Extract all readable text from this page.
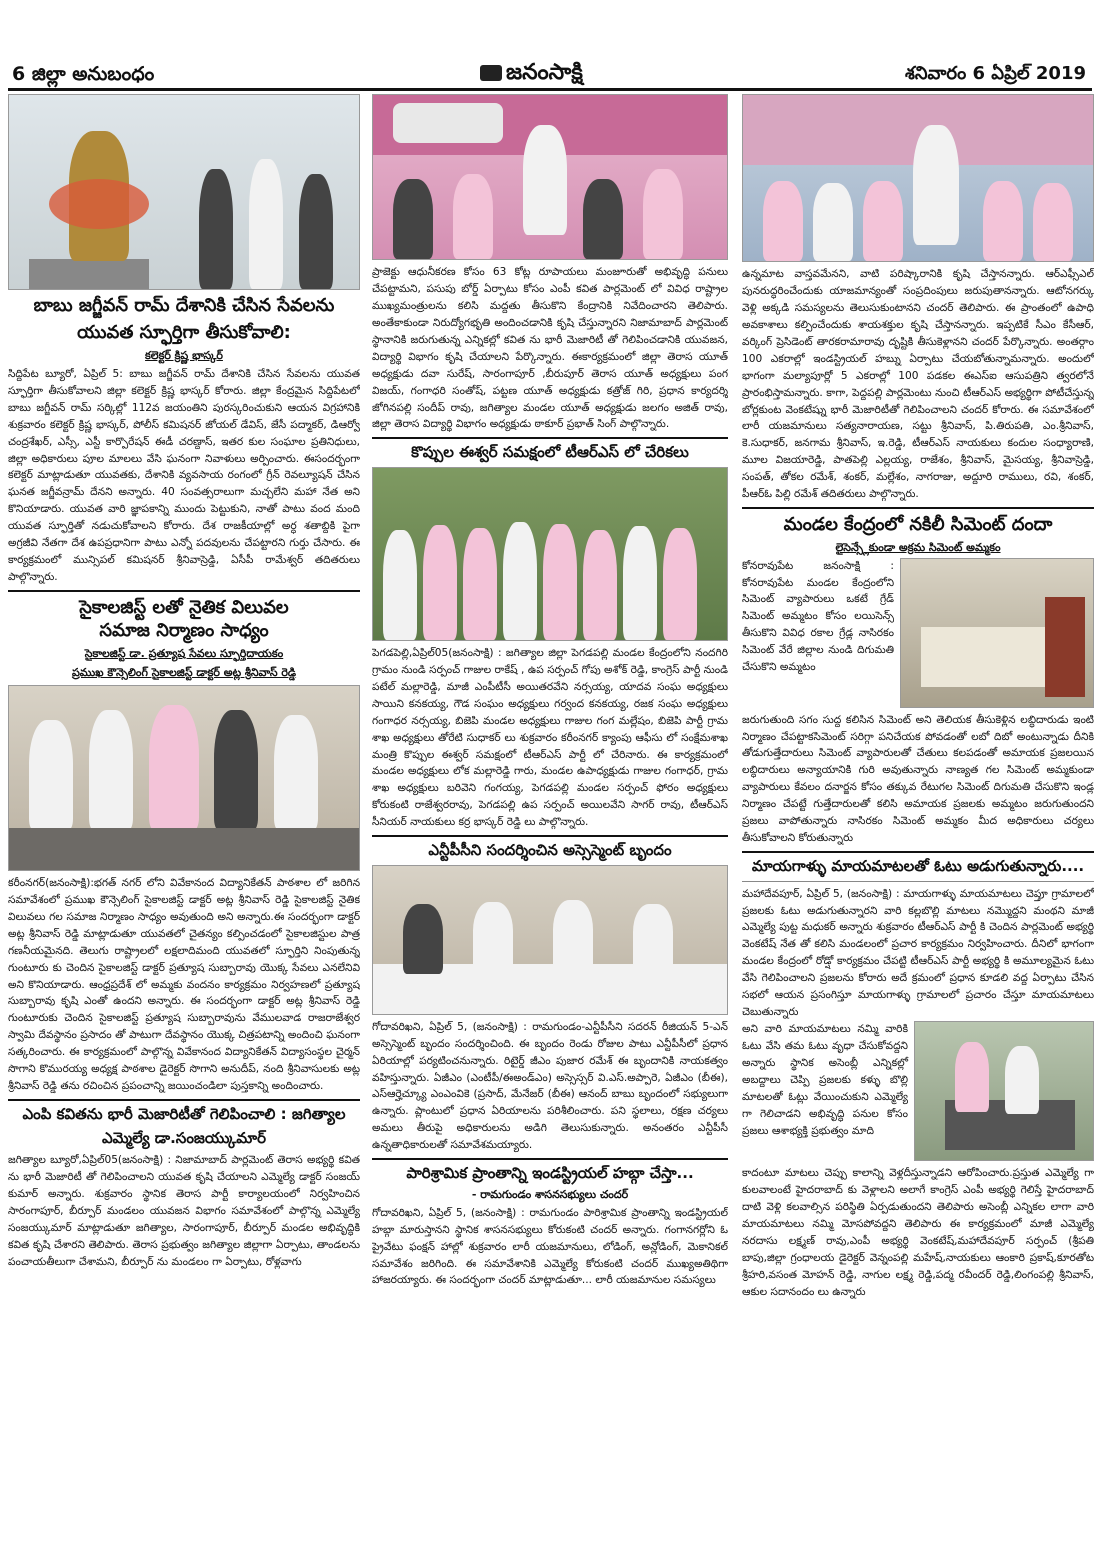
6 జిల్లా అనుబంధం	జనంసాక్షి	శనివారం 6 ఏప్రిల్ 2019
బాబు జగ్జీవన్ రామ్ దేశానికి చేసిన సేవలను
యువత స్ఫూర్తిగా తీసుకోవాలి:
కలెక్టర్ క్రిష్ణ భాస్కర్

సిద్దిపేట బ్యూరో, ఏప్రిల్ 5: బాబు జగ్జీవన్ రామ్ దేశానికి చేసిన సేవలను యువత స్ఫూర్తిగా తీసుకోవాలని జిల్లా కలెక్టర్ క్రిష్ణ భాస్కర్ కోరారు. జిల్లా కేంద్రమైన సిద్దిపేటలో బాబు జగ్జీవన్ రామ్ సర్కిల్లో 112వ జయంతిని పురస్కరించుకుని ఆయన విగ్రహానికి శుక్రవారం కలెక్టర్ క్రిష్ణ భాస్కర్, పోలీస్ కమిషనర్ జోయల్ డేవిస్, జేసీ పద్మాకర్, డిఆర్వో చంద్రశేఖర్, ఎస్సీ, ఎస్టీ కార్పొరేషన్ ఈడీ చరణ్దాస్, ఇతర కుల సంఘాల ప్రతినిధులు, జిల్లా అధికారులు పూల మాలలు వేసి ఘనంగా నివాళులు అర్పించారు. ఈసందర్భంగా కలెక్టర్ మాట్లాడుతూ యువతకు, దేశానికి వ్యవసాయ రంగంలో గ్రీన్ రెవల్యూషన్ చేసిన ఘనత జగ్జీవన్రామ్ దేనని అన్నారు. 40 సంవత్సరాలుగా మచ్చలేని మహా నేత అని కొనియాడారు. యువత వారి జ్ఞాపకాన్ని ముందు పెట్టుకుని, నాతో పాటు వంద మంది యువత స్ఫూర్తితో నడుచుకోవాలని కోరారు. దేశ రాజకీయాల్లో అర్ధ శతాబ్దికి పైగా అగ్రజీవి నేతగా దేశ ఉపప్రధానిగా పాటు ఎన్నో పదవులను చేపట్టారని గుర్తు చేసారు. ఈ కార్యక్రమంలో మున్సిపల్ కమిషనర్ శ్రీనివాస్రెడ్డి, ఏసీపీ రామేశ్వర్ తదితరులు పాల్గొన్నారు.

సైకాలజిస్ట్ లతో నైతిక విలువల
సమాజ నిర్మాణం సాధ్యం
సైకాలజిస్ట్ డా. ప్రత్యూష సేవలు స్ఫూర్తిదాయకం
ప్రముఖ కౌన్సెలింగ్ సైకాలజిస్ట్ డాక్టర్ అట్ల శ్రీనివాస్ రెడ్డి

కరీంనగర్(జనంసాక్షి):భగత్ నగర్ లోని వివేకానంద విద్యానికేతన్ పాఠశాల లో జరిగిన సమావేశంలో ప్రముఖ కౌన్సెలింగ్ సైకాలజిస్ట్ డాక్టర్ అట్ల శ్రీనివాస్ రెడ్డి సైకాలజిస్ట్ నైతిక విలువలు గల సమాజ నిర్మాణం సాధ్యం అవుతుంది అని అన్నారు.ఈ సందర్భంగా డాక్టర్ అట్ల శ్రీనివాస్ రెడ్డి మాట్లాడుతూ యువతలో చైతన్యం కల్పించడంలో సైకాలజిస్టుల పాత్ర గణనీయమైనది. తెలుగు రాష్ట్రాలలో లక్షలాదిమంది యువతలో స్ఫూర్తిని నింపుతున్న గుంటూరు కు చెందిన సైకాలజిస్ట్ డాక్టర్ ప్రత్యూష సుబ్బారావు యొక్క సేవలు ఎనలేనివి అని కొనియాడారు. ఆంధ్రప్రదేశ్ లో అమ్మకు వందనం కార్యక్రమం నిర్వహణలో ప్రత్యూష సుబ్బారావు కృషి ఎంతో ఉందని అన్నారు. ఈ సందర్భంగా డాక్టర్ అట్ల శ్రీనివాస్ రెడ్డి గుంటూరుకు చెందిన సైకాలజిస్ట్ ప్రత్యూష సుబ్బారావును వేములవాడ రాజరాజేశ్వర స్వామి దేవస్థానం ప్రసాదం తో పాటుగా దేవస్థానం యొక్క చిత్రపటాన్ని అందించి ఘనంగా సత్కరించారు. ఈ కార్యక్రమంలో పాల్గొన్న వివేకానంద విద్యానికేతన్ విద్యాసంస్థల చైర్మన్ సొగాని కొమురయ్య అధ్యక్ష పాఠశాల డైరెక్టర్ సొగాని అనుదీప్, నంది శ్రీనివాసులకు అట్ల శ్రీనివాస్ రెడ్డి తను రచించిన ప్రపంచాన్ని జయించండిలా పుస్తకాన్ని అందించారు.

ఎంపి కవితను భారీ మెజారిటీతో గెలిపించాలి : జగిత్యాల
ఎమ్మెల్యే డా.సంజయ్కుమార్

జగిత్యాల బ్యూరో,ఏప్రిల్05(జనంసాక్షి) : నిజామాబాద్ పార్లమెంట్ తెరాస అభ్యర్థి కవిత ను భారీ మెజారిటీ తో గెలిపించాలని యువత కృషి చేయాలని ఎమ్మెల్యే డాక్టర్ సంజయ్ కుమార్ అన్నారు. శుక్రవారం స్థానిక తెరాస పార్టీ కార్యాలయంలో నిర్వహించిన సారంగాపూర్, బీర్పూర్ మండలం యువజన విభాగం సమావేశంలో పాల్గొన్న ఎమ్మెల్యే సంజయ్కుమార్ మాట్లాడుతూ జగిత్యాల, సారంగాపూర్, బీర్పూర్ మండల అభివృద్ధికి కవిత కృషి చేశారని తెలిపారు. తెరాస ప్రభుత్వం జగిత్యాల జిల్లాగా ఏర్పాటు, తాండలను పంచాయతీలుగా చేశామని, బీర్పూర్ ను మండలం గా ఏర్పాటు, రోళ్లవాగు

ప్రాజెక్టు ఆధునీకరణ కోసం 63 కోట్ల రూపాయలు మంజూరుతో అభివృద్ధి పనులు చేపట్టామని, పసుపు బోర్డ్ ఏర్పాటు కోసం ఎంపీ కవిత పార్లమెంట్ లో వివిధ రాష్ట్రాల ముఖ్యమంత్రులను కలిసి మద్దతు తీసుకొని కేంద్రానికి నివేదించారని తెలిపారు. అంతేకాకుండా నిరుద్యోగభృతి అందించడానికి కృషి చేస్తున్నారని నిజామాబాద్ పార్లమెంట్ స్థానానికి జరుగుతున్న ఎన్నికల్లో కవిత ను భారీ మెజారిటీ తో గెలిపించడానికి యువజన, విద్యార్థి విభాగం కృషి చేయాలని పేర్కొన్నారు. ఈకార్యక్రమంలో జిల్లా తెరాస యూత్ అధ్యక్షుడు దవా సురేష్, సారంగాపూర్ ,బీరుపూర్ తెరాస యూత్ అధ్యక్షులు పంగ విజయ్, గంగాధరి సంతోష్, పట్టణ యూత్ అధ్యక్షుడు కత్రోజ్ గిరి, ప్రధాన కార్యదర్శి జోగినపల్లి సందీప్ రావు, జగిత్యాల మండల యూత్ అధ్యక్షుడు జలగం అజిత్ రావు, జిల్లా తెరాస విద్యార్థి విభాగం అధ్యక్షుడు ఠాకూర్ ప్రభాత్ సింగ్ పాల్గొన్నారు.

కొప్పుల ఈశ్వర్ సమక్షంలో టీఆర్ఎస్ లో చేరికలు

పెగడపెల్లి,ఏప్రిల్05(జనంసాక్షి) : జగిత్యాల జిల్లా పెగడపల్లి మండల కేంద్రంలోని నందగిరి గ్రామం నుండి సర్పంచ్ గాజుల రాకేష్ , ఉప సర్పంచ్ గోపు అశోక్ రెడ్డి, కాంగ్రెస్ పార్టీ నుండి పటేల్ మల్లారెడ్డి, మాజీ ఎంపీటీసీ అయితరవేని నర్సయ్య, యాదవ సంఘ అధ్యక్షులు సాయిని కనకయ్య, గౌడ సంఘం అధ్యక్షులు గర్వంద కనకయ్య, రజక సంఘ అధ్యక్షులు గంగాధర నర్సయ్య, బిజెపి మండల అధ్యక్షులు గాజుల గంగ మల్లేషం, బిజెపి పార్టీ గ్రామ శాఖ అధ్యక్షులు తోరేటి సుధాకర్ లు శుక్రవారం కరీంనగర్ క్యాంపు ఆఫీసు లో సంక్షేమశాఖ మంత్రి కొప్పుల ఈశ్వర్ సమక్షంలో టీఆర్ఎస్ పార్టీ లో చేరినారు. ఈ కార్యక్రమంలో మండల అధ్యక్షులు లోక మల్లారెడ్డి గారు, మండల ఉపాధ్యక్షుడు గాజుల గంగాధర్, గ్రామ శాఖ అధ్యక్షులు బరివెని గంగయ్య, పెగడపల్లి మండల సర్పంచ్ ఫోరం అధ్యక్షులు కోరుకంటి రాజేశ్వరరావు, పెగడపల్లి ఉప సర్పంచ్ అయిలవేని సాగర్ రావు, టీఆర్ఎస్ సీనియర్ నాయకులు కర్ర భాస్కర్ రెడ్డి లు పాల్గొన్నారు.

ఎన్టీపీసీని సందర్శించిన అస్సెస్మెంట్ బృందం

గోదావరిఖని, ఏప్రిల్ 5, (జనంసాక్షి) : రామగుండం-ఎన్టీపీసీని సదరన్ రీజియన్ 5-ఎన్ అస్సెస్మెంట్ బృందం సందర్శించింది. ఈ బృందం రెండు రోజుల పాటు ఎన్టీపీసీలో ప్రధాన ఏరియాల్లో పర్యటించనున్నారు. రిటైర్డ్ జీఎం పుజార రమేశ్ ఈ బృందానికి నాయకత్వం వహిస్తున్నారు. ఏజీఎం (ఎంటీపీ/ఈఅండ్ఎం) అస్సెస్సర్ వి.ఎస్.అప్పారె, ఏజీఎం (బీఈ), ఎస్ఆర్హెచ్క్యూ ఎంఎంవికె (ప్రసాద్, మేనేజర్ (బీఈ) ఆనంద్ బాబు బృందంలో సభ్యులుగా ఉన్నారు. ప్లాంటులో ప్రధాన ఏరియాలను పరిశీలించారు. పని స్థలాలు, రక్షణ చర్యలు అమలు తీరుపై అధికారులను అడిగి తెలుసుకున్నారు. అనంతరం ఎన్టీపీసీ ఉన్నతాధికారులతో సమావేశమయ్యారు.

పారిశ్రామిక ప్రాంతాన్ని ఇండస్ట్రియల్ హబ్గా చేస్తా...
- రామగుండం శాసనసభ్యులు చందర్

గోదావరిఖని, ఏప్రిల్ 5, (జనంసాక్షి) : రామగుండం పారిశ్రామిక ప్రాంతాన్ని ఇండస్ట్రియల్ హబ్గా మారుస్తానని స్థానిక శాసనసభ్యులు కోరుకంటి చందర్ అన్నారు. గంగానగర్లోని ఓ ప్రైవేటు ఫంక్షన్ హాల్లో శుక్రవారం లారీ యజమానులు, లోడింగ్, అన్లోడింగ్, మెకానికల్ సమావేశం జరిగింది. ఈ సమావేశానికి ఎమ్మెల్యే కోరుకంటి చందర్ ముఖ్యఅతిథిగా హాజరయ్యారు. ఈ సందర్భంగా చందర్ మాట్లాడుతూ... లారీ యజమానుల సమస్యలు

ఉన్నమాట వాస్తవమేనని, వాటి పరిష్కారానికి కృషి చేస్తానన్నారు. ఆర్ఎఫ్సీఎల్ పునరుద్ధరించేందుకు యాజమాన్యంతో సంప్రదింపులు జరుపుతానన్నారు. ఆటోనగర్కు వెళ్లి అక్కడి సమస్యలను తెలుసుకుంటానని చందర్ తెలిపారు. ఈ ప్రాంతంలో ఉపాధి అవకాశాలు కల్పించేందుకు శాయశక్తుల కృషి చేస్తానన్నారు. ఇప్పటికే సీఎం కేసీఆర్, వర్కింగ్ ప్రెసిడెంట్ తారకరామారావు దృష్టికి తీసుకెళ్లానని చందర్ పేర్కొన్నారు. అంతర్గాం 100 ఎకరాల్లో ఇండస్ట్రియల్ హబ్ను ఏర్పాటు చేయబోతున్నామన్నారు. అందులో భాగంగా మల్యాపూర్లో 5 ఎకరాల్లో 100 పడకల ఈఎస్ఐ ఆసుపత్రిని త్వరలోనే ప్రారంభిస్తామన్నారు. కాగా, పెద్దపల్లి పార్లమెంటు నుంచి టీఆర్ఎస్ అభ్యర్థిగా పోటీచేస్తున్న బోర్లకుంట వెంకటేష్ను భారీ మెజారిటీతో గెలిపించాలని చందర్ కోరారు. ఈ సమావేశంలో లారీ యజమానులు సత్యనారాయణ, సట్టు శ్రీనివాస్, పి.తిరుపతి, ఎం.శ్రీనివాస్, కె.సుధాకర్, జనగామ శ్రీనివాస్, ఇ.రెడ్డి, టీఆర్ఎస్ నాయకులు కందుల సంధ్యారాణి, మూల విజయారెడ్డి, పాతపెల్లి ఎల్లయ్య, రాజేశం, శ్రీనివాస్, మైసయ్య, శ్రీనివాస్రెడ్డి, సంపత్, తోకల రమేశ్, శంకర్, మల్లేశం, నాగరాజు, అద్దూరి రాములు, రవి, శంకర్, పీఆర్ఓ పిల్లి రమేశ్ తదితరులు పాల్గొన్నారు.

మండల కేంద్రంలో నకిలీ సిమెంట్ దందా
లైసెన్స్లేకుండా అక్రమ సిమెంట్ అమ్మకం

కోనరావుపేట జనంసాక్షి : కోనరావుపేట మండల కేంద్రంలోని సిమెంట్ వ్యాపారులు ఒకటే గ్రేడ్ సిమెంట్ అమ్మటం కోసం లయిసెన్స్ తీసుకొని వివిధ రకాల గ్రేడ్ల నాసిరకం సిమెంట్ వేరే జిల్లాల నుండి దిగుమతి చేసుకొని అమ్మటం

జరుగుతుంది సగం సుద్ద కలిసిన సిమెంట్ అని తెలియక తీసుకెళ్లిన లబ్ధిదారుడు ఇంటి నిర్మాణం చేపట్టాకసిమెంట్ సరిగ్గా పనిచేయక పోవడంతో లబో దిబో అంటున్నాడు దీనికి తోడుగుత్తేదారులు సిమెంట్ వ్యాపారులతో చేతులు కలపడంతో అమాయక ప్రజలయిన లబ్ధిదారులు అన్యాయానికి గురి అవుతున్నారు నాణ్యత గల సిమెంట్ అమ్మకుండా వ్యాపారులు కేవలం దనార్జన కోసం తక్కువ రేటుగల సిమెంట్ దిగుమతి చేసుకొని ఇండ్ల నిర్మాణం చేపట్టే గుత్తేదారులతో కలిసి అమాయక ప్రజలకు అమ్మటం జరుగుతుందని ప్రజలు వాపోతున్నారు నాసిరకం సిమెంట్ అమ్మకం మీద అధికారులు చర్యలు తీసుకోవాలని కోరుతున్నారు

మాయగాళ్ళు మాయమాటలతో ఓటు అడుగుతున్నారు....

మహాదేవపూర్, ఏప్రిల్ 5, (జనంసాక్షి) : మాయగాళ్ళు మాయమాటలు చెప్తూ గ్రామాలలో ప్రజలకు ఓటు అడుగుతున్నారని వారి కల్లబొల్లి మాటలు నమ్మొద్దని మంథని మాజీ ఎమ్మెల్యే పుట్ట మధుకర్ అన్నారు శుక్రవారం టీఆర్ఎస్ పార్టీ కి చెందిన పార్లమెంట్ అభ్యర్థి వెంకటేష్ నేత తో కలిసి మండలంలో ప్రచార కార్యక్రమం నిర్వహించారు. దీనిలో భాగంగా మండల కేంద్రంలో రోడ్షో కార్యక్రమం చేపట్టి టీఆర్ఎస్ పార్టీ అభ్యర్థి కి అమూల్యమైన ఓటు వేసి గెలిపించాలని ప్రజలను కోరారు అదే క్రమంలో ప్రధాన కూడలి వద్ద ఏర్పాటు చేసిన సభలో ఆయన ప్రసంగిస్తూ మాయగాళ్ళు గ్రామాలలో ప్రచారం చేస్తూ మాయమాటలు చెబుతున్నారు

అని వారి మాయమాటలు నమ్మి వారికి ఓటు వేసి తమ ఓటు వృధా చేసుకోవద్దని అన్నారు స్థానిక అసెంబ్లీ ఎన్నికల్లో అబద్దాలు చెప్పి ప్రజలకు కళ్ళు బొల్లి మాటలతో ఓట్లు వేయించుకుని ఎమ్మెల్యే గా గెలిచాడని అభివృద్ధి పనుల కోసం ప్రజలు ఆశాభ్యక్తి ప్రభుత్వం మాది

కాదంటూ మాటలు చెప్పు కాలాన్ని వెళ్లదీస్తున్నాడని ఆరోపించారు.ప్రస్తుత ఎమ్మెల్యే గా కులవాలంటే హైదరాబాద్ కు వెళ్లాలని అలాగే కాంగ్రెస్ ఎంపీ అభ్యర్థి గెలిస్తే హైదరాబాద్ దాటి వెళ్లి కలవాల్సిన పరిస్థితి ఏర్పడుతుందని తెలిపారు అసెంబ్లీ ఎన్నికల లాగా వారి మాయమాటలు నమ్మి మోసపోవద్దని తెలిపారు ఈ కార్యక్రమంలో మాజీ ఎమ్మెల్యే నరదాసు లక్ష్మణ్ రావు,ఎంపీ అభ్యర్థి వెంకటేష్,మహాదేవపూర్ సర్పంచ్ (శ్రీపతి బాపు,జిల్లా గ్రంధాలయ డైరెక్టర్ వెన్నంపల్లి మహేష్,నాయకులు ఆంకారి ప్రకాష్,కూరతోట శ్రీహరి,వసంత మోహన్ రెడ్డి, నాగుల లక్ష్మ రెడ్డి,పద్మ రవీందర్ రెడ్డి,లింగంపల్లి శ్రీనివాస్, ఆకుల సదానందం లు ఉన్నారు
